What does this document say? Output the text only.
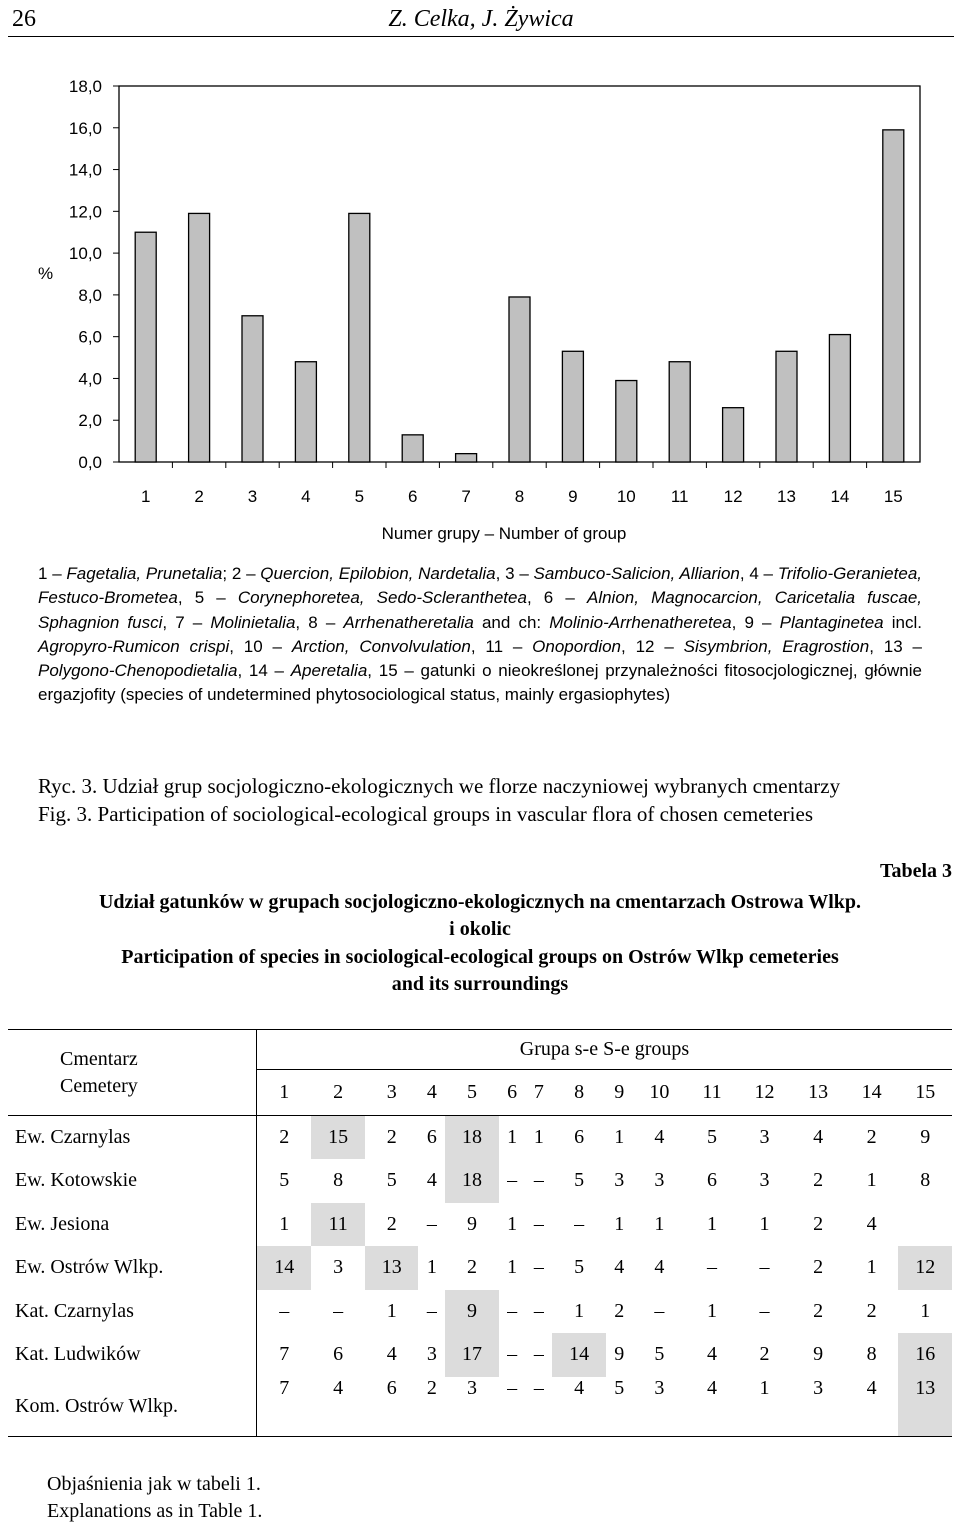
26	Z. Celka, J. Żywica
0,0
2,0
4,0
6,0
8,0
10,0
12,0
14,0
16,0
18,0
%
1	2	3	4	5	6	7	8	9 10 11 12 13 14 15
Numer grupy – Number of group
1 – Fagetalia, Prunetalia; 2 – Quercion, Epilobion, Nardetalia, 3 – Sambuco-Salicion, Alliarion, 4 – Trifolio-Geranietea, Festuco-Brometea, 5 – Corynephoretea, Sedo-Scleranthetea, 6 – Alnion, Magnocarcion, Caricetalia fuscae, Sphagnion fusci, 7 – Molinietalia, 8 – Arrhenatheretalia and ch: Molinio-Arrhenatheretea, 9 – Plantaginetea incl. Agropyro-Rumicon crispi, 10 – Arction, Convolvulation, 11 – Onopordion, 12 – Sisymbrion, Eragrostion, 13 – Polygono-Chenopodietalia, 14 – Aperetalia, 15 – gatunki o nieokreślonej przynależności fitosocjologicznej, głównie ergazjofity (species of undetermined phytosociological status, mainly ergasiophytes)
Ryc. 3. Udział grup socjologiczno-ekologicznych we florze naczyniowej wybranych cmentarzy
Fig. 3. Participation of sociological-ecological groups in vascular flora of chosen cemeteries
Tabela 3
Udział gatunków w grupach socjologiczno-ekologicznych na cmentarzach Ostrowa Wlkp.
i okolic
Participation of species in sociological-ecological groups on Ostrów Wlkp cemeteries
and its surroundings
Cmentarz
Cemetery	Grupa s-e S-e groups														
	1	2	3	4	5	6	7	8	9	10	11	12	13	14	15
Ew. Czarnylas	2	15	2	6	18	1	1	6	1	4	5	3	4	2	9
Ew. Kotowskie	5	8	5	4	18	–	–	5	3	3	6	3	2	1	8
Ew. Jesiona	1	11	2	–	9	1	–	–	1	1	1	1	2	4	
Ew. Ostrów Wlkp.	14	3	13	1	2	1	–	5	4	4	–	–	2	1	12
Kat. Czarnylas	–	–	1	–	9	–	–	1	2	–	1	–	2	2	1
Kat. Ludwików	7	6	4	3	17	–	–	14	9	5	4	2	9	8	16
Kom. Ostrów Wlkp.	7	4	6	2	3	–	–	4	5	3	4	1	3	4	13
Objaśnienia jak w tabeli 1.
Explanations as in Table 1.
